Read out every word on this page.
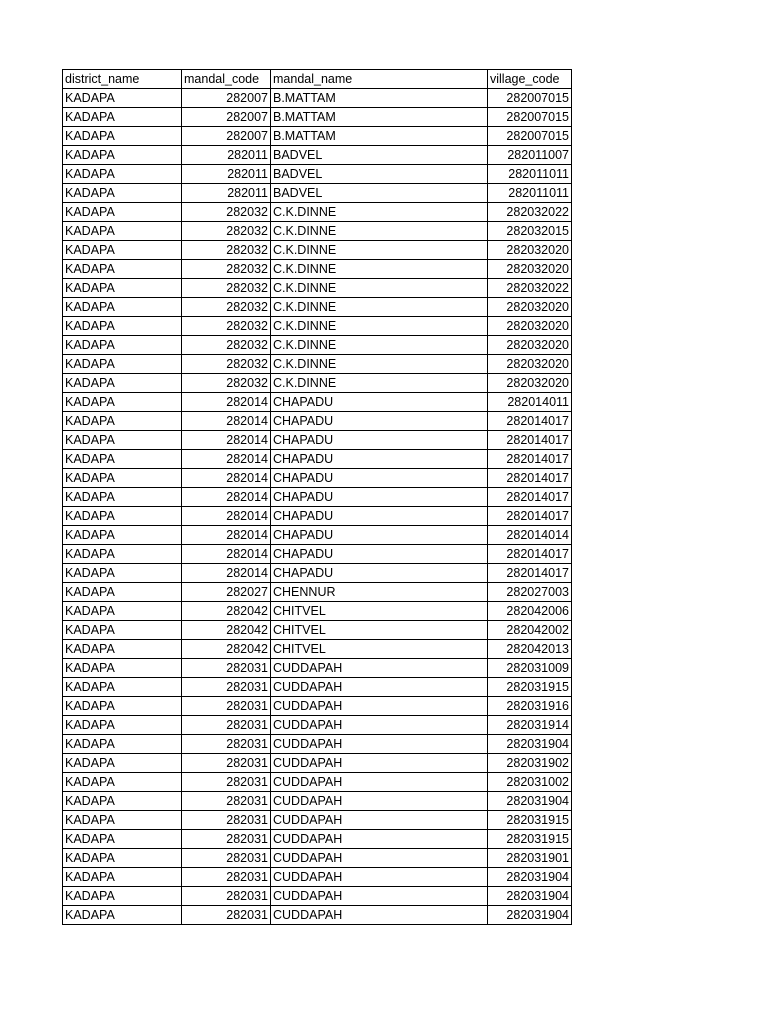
district_name	mandal_code	mandal_name	village_code
KADAPA	282007	B.MATTAM	282007015
KADAPA	282007	B.MATTAM	282007015
KADAPA	282007	B.MATTAM	282007015
KADAPA	282011	BADVEL	282011007
KADAPA	282011	BADVEL	282011011
KADAPA	282011	BADVEL	282011011
KADAPA	282032	C.K.DINNE	282032022
KADAPA	282032	C.K.DINNE	282032015
KADAPA	282032	C.K.DINNE	282032020
KADAPA	282032	C.K.DINNE	282032020
KADAPA	282032	C.K.DINNE	282032022
KADAPA	282032	C.K.DINNE	282032020
KADAPA	282032	C.K.DINNE	282032020
KADAPA	282032	C.K.DINNE	282032020
KADAPA	282032	C.K.DINNE	282032020
KADAPA	282032	C.K.DINNE	282032020
KADAPA	282014	CHAPADU	282014011
KADAPA	282014	CHAPADU	282014017
KADAPA	282014	CHAPADU	282014017
KADAPA	282014	CHAPADU	282014017
KADAPA	282014	CHAPADU	282014017
KADAPA	282014	CHAPADU	282014017
KADAPA	282014	CHAPADU	282014017
KADAPA	282014	CHAPADU	282014014
KADAPA	282014	CHAPADU	282014017
KADAPA	282014	CHAPADU	282014017
KADAPA	282027	CHENNUR	282027003
KADAPA	282042	CHITVEL	282042006
KADAPA	282042	CHITVEL	282042002
KADAPA	282042	CHITVEL	282042013
KADAPA	282031	CUDDAPAH	282031009
KADAPA	282031	CUDDAPAH	282031915
KADAPA	282031	CUDDAPAH	282031916
KADAPA	282031	CUDDAPAH	282031914
KADAPA	282031	CUDDAPAH	282031904
KADAPA	282031	CUDDAPAH	282031902
KADAPA	282031	CUDDAPAH	282031002
KADAPA	282031	CUDDAPAH	282031904
KADAPA	282031	CUDDAPAH	282031915
KADAPA	282031	CUDDAPAH	282031915
KADAPA	282031	CUDDAPAH	282031901
KADAPA	282031	CUDDAPAH	282031904
KADAPA	282031	CUDDAPAH	282031904
KADAPA	282031	CUDDAPAH	282031904
